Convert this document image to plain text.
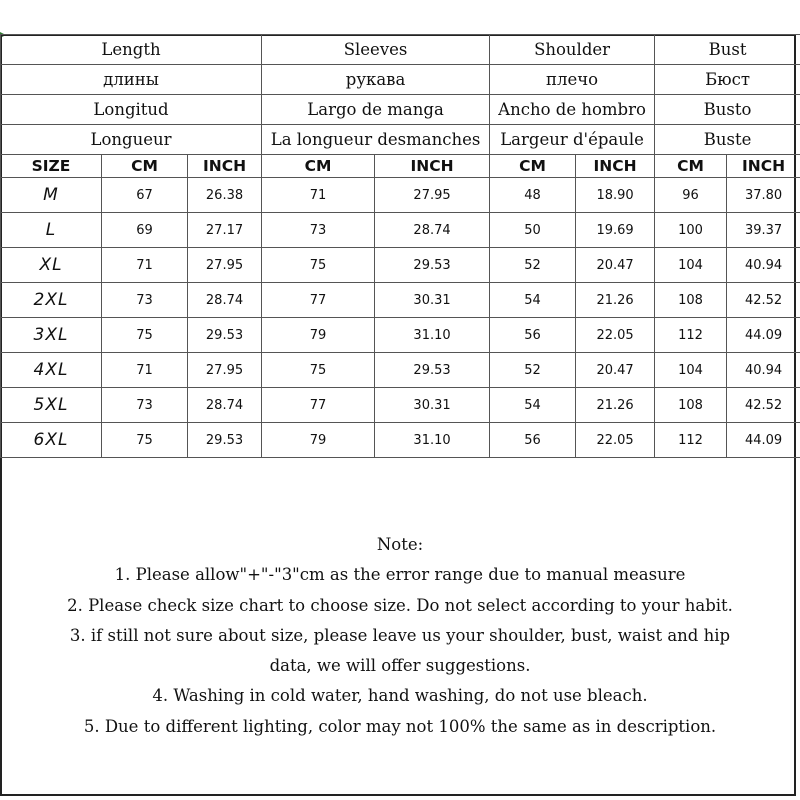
Length			Sleeves		Shoulder		Bust	
длины			рукава		плечо		Бюст	
Longitud			Largo de manga		Ancho de hombro		Busto	
Longueur			La longueur desmanches		Largeur d'épaule		Buste	
SIZE	CM	INCH	CM	INCH	CM	INCH	CM	INCH
M	67	26.38	71	27.95	48	18.90	96	37.80
L	69	27.17	73	28.74	50	19.69	100	39.37
XL	71	27.95	75	29.53	52	20.47	104	40.94
2XL	73	28.74	77	30.31	54	21.26	108	42.52
3XL	75	29.53	79	31.10	56	22.05	112	44.09
4XL	71	27.95	75	29.53	52	20.47	104	40.94
5XL	73	28.74	77	30.31	54	21.26	108	42.52
6XL	75	29.53	79	31.10	56	22.05	112	44.09
Note:
1. Please allow"+"-"3"cm as the error range due to manual measure
2. Please check size chart to choose size. Do not select according to your habit.
3. if still not sure about size, please leave us your shoulder, bust, waist and hip
data, we will offer suggestions.
4. Washing in cold water, hand washing, do not use bleach.
5. Due to different lighting, color may not 100% the same as in description.
